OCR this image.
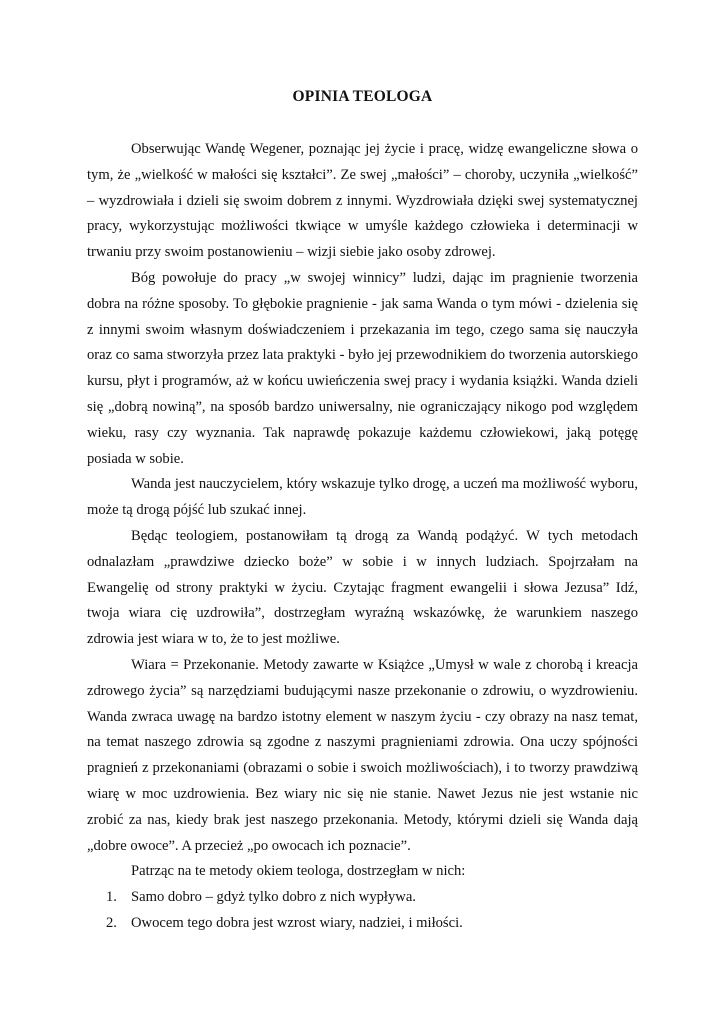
OPINIA TEOLOGA

Obserwując Wandę Wegener, poznając jej życie i pracę, widzę ewangeliczne słowa o tym, że „wielkość w małości się kształci”. Ze swej „małości” – choroby, uczyniła „wielkość” – wyzdrowiała i dzieli się swoim dobrem z innymi. Wyzdrowiała dzięki swej systematycznej pracy, wykorzystując możliwości tkwiące w umyśle każdego człowieka i determinacji w trwaniu przy swoim postanowieniu – wizji siebie jako osoby zdrowej.

Bóg powołuje do pracy „w swojej winnicy” ludzi, dając im pragnienie tworzenia dobra na różne sposoby. To głębokie pragnienie - jak sama Wanda o tym mówi - dzielenia się z innymi swoim własnym doświadczeniem i przekazania im tego, czego sama się nauczyła oraz co sama stworzyła przez lata praktyki - było jej przewodnikiem do tworzenia autorskiego kursu, płyt i programów, aż w końcu uwieńczenia swej pracy i wydania książki. Wanda dzieli się „dobrą nowiną”, na sposób bardzo uniwersalny, nie ograniczający nikogo pod względem wieku, rasy czy wyznania. Tak naprawdę pokazuje każdemu człowiekowi, jaką potęgę posiada w sobie.

Wanda jest nauczycielem, który wskazuje tylko drogę, a uczeń ma możliwość wyboru, może tą drogą pójść lub szukać innej.

Będąc teologiem, postanowiłam tą drogą za Wandą podążyć. W tych metodach odnalazłam „prawdziwe dziecko boże” w sobie i w innych ludziach. Spojrzałam na Ewangelię od strony praktyki w życiu. Czytając fragment ewangelii i słowa Jezusa” Idź, twoja wiara cię uzdrowiła”, dostrzegłam wyraźną wskazówkę, że warunkiem naszego zdrowia jest wiara w to, że to jest możliwe.

Wiara = Przekonanie. Metody zawarte w Książce „Umysł w wale z chorobą i kreacja zdrowego życia” są narzędziami budującymi nasze przekonanie o zdrowiu, o wyzdrowieniu. Wanda zwraca uwagę na bardzo istotny element w naszym życiu - czy obrazy na nasz temat, na temat naszego zdrowia są zgodne z naszymi pragnieniami zdrowia. Ona uczy spójności pragnień z przekonaniami (obrazami o sobie i swoich możliwościach), i to tworzy prawdziwą wiarę w moc uzdrowienia. Bez wiary nic się nie stanie. Nawet Jezus nie jest wstanie nic zrobić za nas, kiedy brak jest naszego przekonania. Metody, którymi dzieli się Wanda dają „dobre owoce”. A przecież „po owocach ich poznacie”.

Patrząc na te metody okiem teologa, dostrzegłam w nich:

1. Samo dobro – gdyż tylko dobro z nich wypływa.
2. Owocem tego dobra jest wzrost wiary, nadziei, i miłości.
